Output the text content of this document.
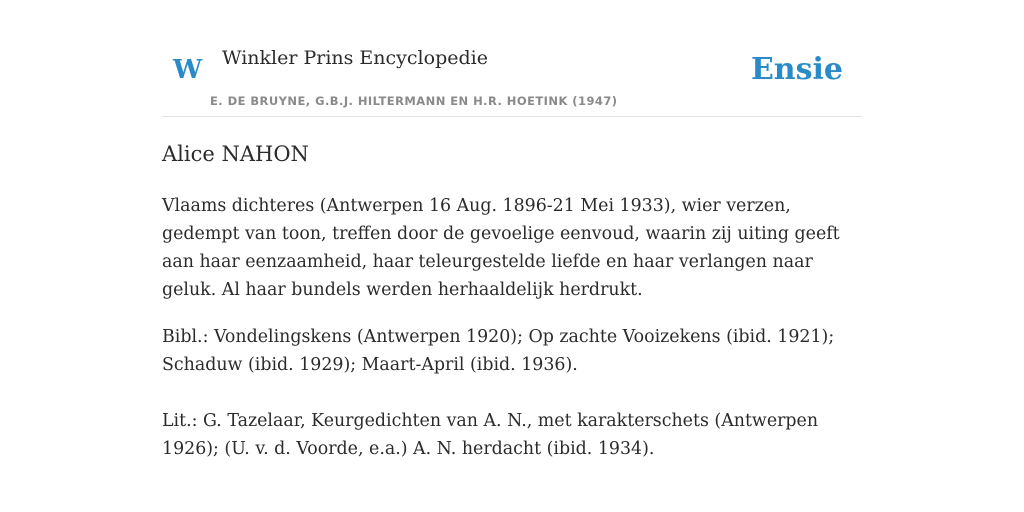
W Winkler Prins Encyclopedie
E. DE BRUYNE, G.B.J. HILTERMANN EN H.R. HOETINK (1947)
Ensie
Alice NAHON

Vlaams dichteres (Antwerpen 16 Aug. 1896-21 Mei 1933), wier verzen, gedempt van toon, treffen door de gevoelige eenvoud, waarin zij uiting geeft aan haar eenzaamheid, haar teleurgestelde liefde en haar verlangen naar geluk. Al haar bundels werden herhaaldelijk herdrukt.

Bibl.: Vondelingskens (Antwerpen 1920); Op zachte Vooizekens (ibid. 1921); Schaduw (ibid. 1929); Maart-April (ibid. 1936).

Lit.: G. Tazelaar, Keurgedichten van A. N., met karakterschets (Antwerpen 1926); (U. v. d. Voorde, e.a.) A. N. herdacht (ibid. 1934).
